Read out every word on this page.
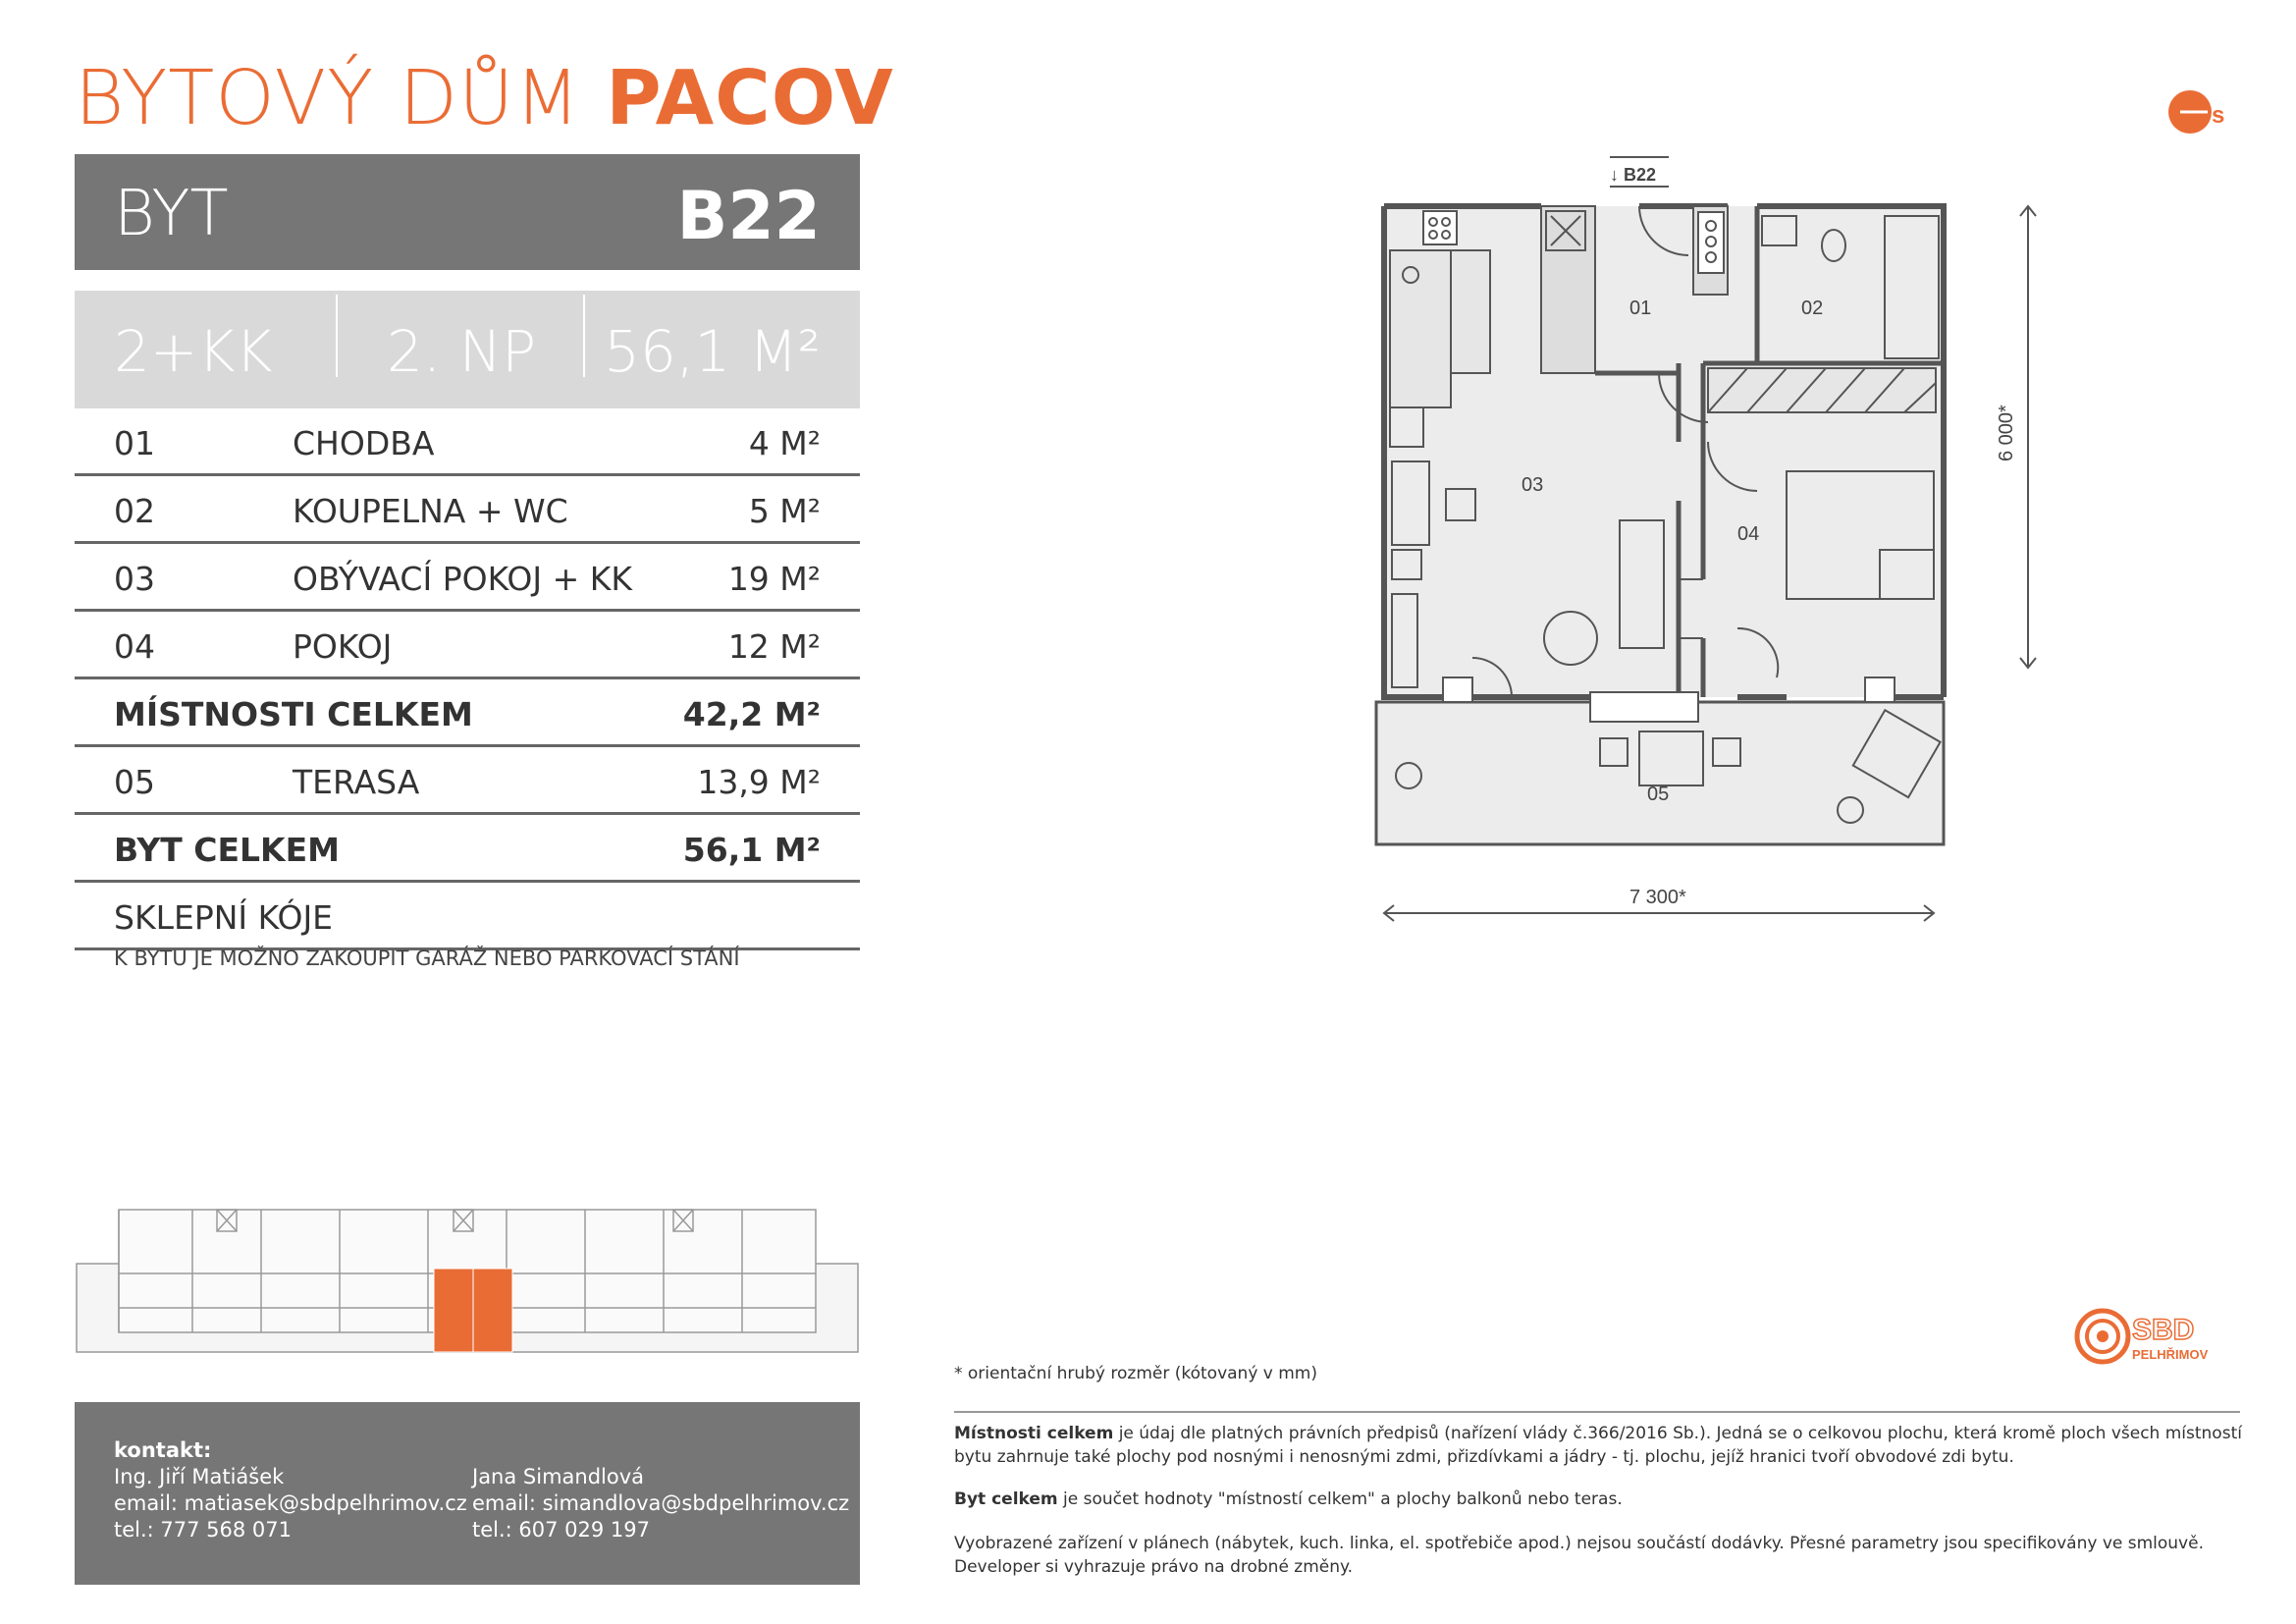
BYTOVÝ DŮM PACOV	s
BYT	B22
2+KK 2. NP 56,1 M²
01	CHODBA	4 M²
02	KOUPELNA + WC	5 M²
03	OBÝVACÍ POKOJ + KK	19 M²
04	POKOJ	12 M²
MÍSTNOSTI CELKEM	42,2 M²
05	TERASA	13,9 M²
BYT CELKEM	56,1 M²
SKLEPNÍ KÓJE
K BYTU JE MOŽNO ZAKOUPIT GARÁŽ NEBO PARKOVACÍ STÁNÍ
↓ B22
01	02
03
04
05
7 300*
6 000*
kontakt:
Ing. Jiří Matiášek
email: matiasek@sbdpelhrimov.cz
tel.: 777 568 071
Jana Simandlová
email: simandlova@sbdpelhrimov.cz
tel.: 607 029 197
SBD
PELHŘIMOV
* orientační hrubý rozměr (kótovaný v mm)
Místnosti celkem je údaj dle platných právních předpisů (nařízení vlády č.366/2016 Sb.). Jedná se o celkovou plochu, která kromě ploch všech místností bytu zahrnuje také plochy pod nosnými i nenosnými zdmi, přizdívkami a jádry - tj. plochu, jejíž hranici tvoří obvodové zdi bytu.
Byt celkem je součet hodnoty "místností celkem" a plochy balkonů nebo teras.
Vyobrazené zařízení v plánech (nábytek, kuch. linka, el. spotřebiče apod.) nejsou součástí dodávky. Přesné parametry jsou specifikovány ve smlouvě. Developer si vyhrazuje právo na drobné změny.
